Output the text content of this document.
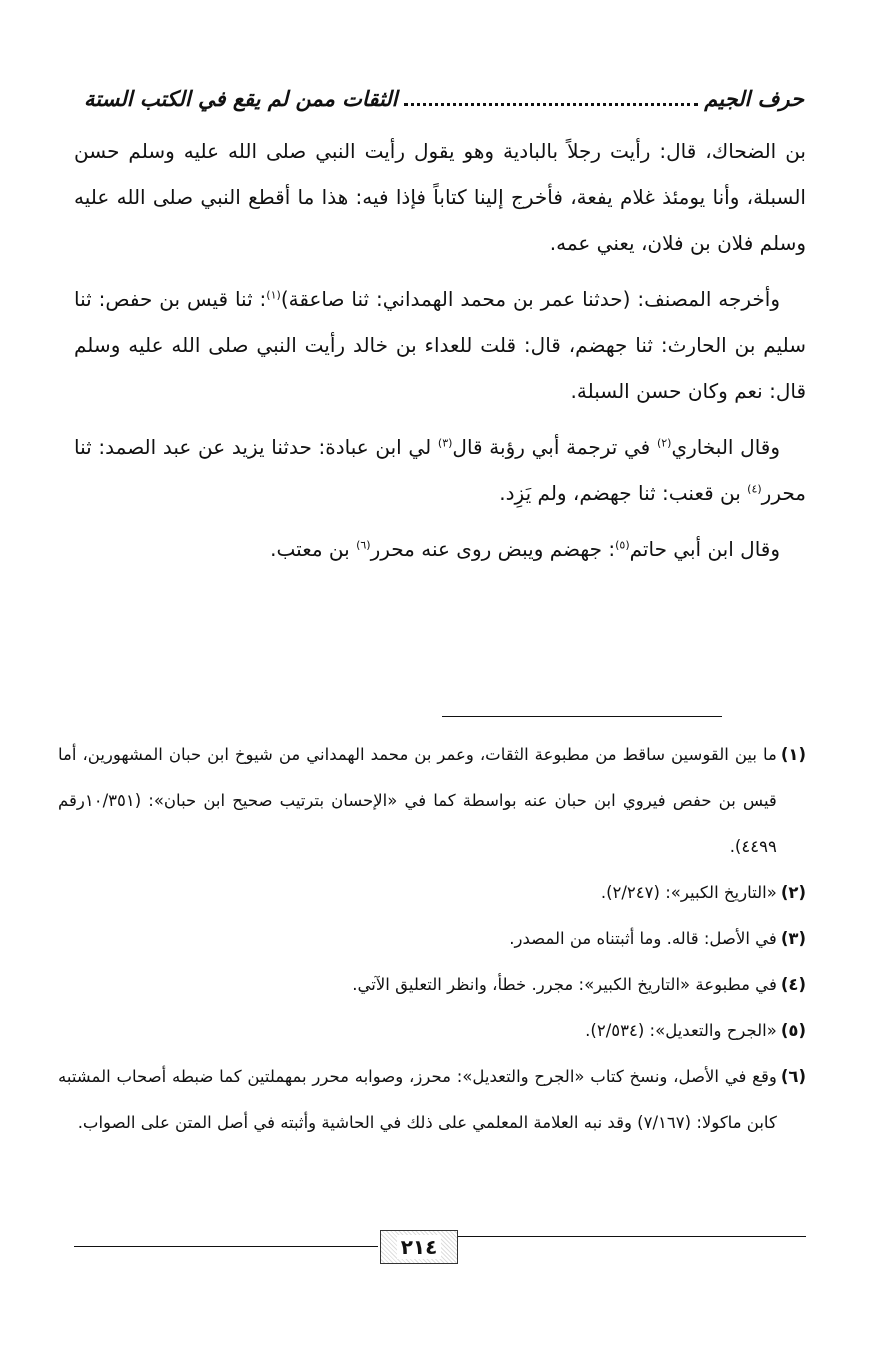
حرف الجيم
الثقات ممن لم يقع في الكتب الستة

بن الضحاك، قال: رأيت رجلاً بالبادية وهو يقول رأيت النبي صلى الله عليه وسلم حسن السبلة، وأنا يومئذ غلام يفعة، فأخرج إلينا كتاباً فإذا فيه: هذا ما أقطع النبي صلى الله عليه وسلم فلان بن فلان، يعني عمه.

وأخرجه المصنف: (حدثنا عمر بن محمد الهمداني: ثنا صاعقة)$^{(١)}$: ثنا قيس بن حفص: ثنا سليم بن الحارث: ثنا جهضم، قال: قلت للعداء بن خالد رأيت النبي صلى الله عليه وسلم قال: نعم وكان حسن السبلة.

وقال البخاري$^{(٢)}$ في ترجمة أبي رؤبة قال$^{(٣)}$ لي ابن عبادة: حدثنا يزيد عن عبد الصمد: ثنا محرر$^{(٤)}$ بن قعنب: ثنا جهضم، ولم يَزِد.

وقال ابن أبي حاتم$^{(٥)}$: جهضم ويبض روى عنه محرر$^{(٦)}$ بن معتب.

(١)
ما بين القوسين ساقط من مطبوعة الثقات، وعمر بن محمد الهمداني من شيوخ ابن حبان المشهورين، أما قيس بن حفص فيروي ابن حبان عنه بواسطة كما في «الإحسان بترتيب صحيح ابن حبان»: (١٠/٣٥١رقم ٤٤٩٩).
(٢)
«التاريخ الكبير»: (٢/٢٤٧).
(٣)
في الأصل: قاله. وما أثبتناه من المصدر.
(٤)
في مطبوعة «التاريخ الكبير»: مجرر. خطأ، وانظر التعليق الآتي.
(٥)
«الجرح والتعديل»: (٢/٥٣٤).
(٦)
وقع في الأصل، ونسخ كتاب «الجرح والتعديل»: محرز، وصوابه محرر بمهملتين كما ضبطه أصحاب المشتبه كابن ماكولا: (٧/١٦٧) وقد نبه العلامة المعلمي على ذلك في الحاشية وأثبته في أصل المتن على الصواب.
٢١٤
